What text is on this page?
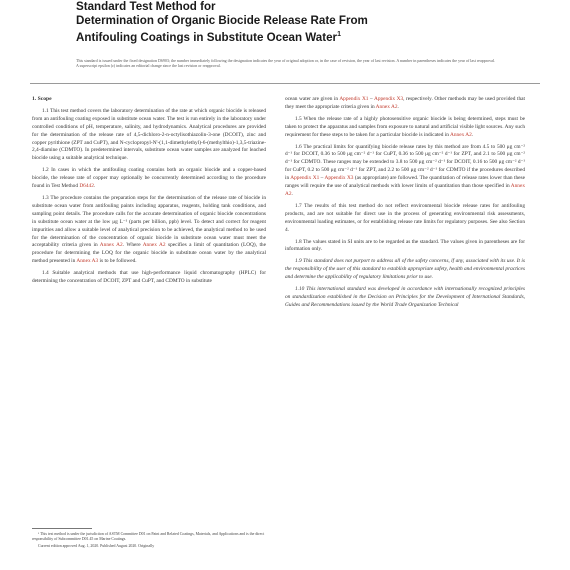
Standard Test Method for
Determination of Organic Biocide Release Rate From
Antifouling Coatings in Substitute Ocean Water$^1$
This standard is issued under the fixed designation D6903; the number immediately following the designation indicates the year of original adoption or, in the case of revision, the year of last revision. A number in parentheses indicates the year of last reapproval. A superscript epsilon (ε) indicates an editorial change since the last revision or reapproval.
1. Scope

1.1 This test method covers the laboratory determination of the rate at which organic biocide is released from an antifouling coating exposed in substitute ocean water. The test is run entirely in the laboratory under controlled conditions of pH, temperature, salinity, and hydrodynamics. Analytical procedures are provided for the determination of the release rate of 4,5-dichloro-2-n-octylisothiazolin-3-one (DCOIT), zinc and copper pyrithione (ZPT and CuPT), and N-cyclopropyl-N'-(1,1-dimethylethyl)-6-(methylthio)-1,3,5-triazine-2,4-diamine (CDMTO). In predetermined intervals, substitute ocean water samples are analyzed for leached biocide using a suitable analytical technique.

1.2 In cases in which the antifouling coating contains both an organic biocide and a copper-based biocide, the release rate of copper may optionally be concurrently determined according to the procedure found in Test Method D6442.

1.3 The procedure contains the preparation steps for the determination of the release rate of biocide in substitute ocean water from antifouling paints including apparatus, reagents, holding tank conditions, and sampling point details. The procedure calls for the accurate determination of organic biocide concentrations in substitute ocean water at the low μg L⁻¹ (parts per billion, ppb) level. To detect and correct for reagent impurities and allow a suitable level of analytical precision to be achieved, the analytical method to be used for the determination of the concentration of organic biocide in substitute ocean water must meet the acceptability criteria given in Annex A2. Where Annex A2 specifies a limit of quantitation (LOQ), the procedure for determining the LOQ for the organic biocide in substitute ocean water by the analytical method presented in Annex A3 is to be followed.

1.4 Suitable analytical methods that use high-performance liquid chromatography (HPLC) for determining the concentration of DCOIT, ZPT and CuPT, and CDMTO in substitute

ocean water are given in Appendix X1 – Appendix X3, respectively. Other methods may be used provided that they meet the appropriate criteria given in Annex A2.

1.5 When the release rate of a highly photosensitive organic biocide is being determined, steps must be taken to protect the apparatus and samples from exposure to natural and artificial visible light sources. Any such requirement for these steps to be taken for a particular biocide is indicated in Annex A2.

1.6 The practical limits for quantifying biocide release rates by this method are from 4.5 to 500 μg cm⁻² d⁻¹ for DCOIT, 0.36 to 500 μg cm⁻² d⁻¹ for CuPT, 0.36 to 500 μg cm⁻² d⁻¹ for ZPT, and 2.1 to 500 μg cm⁻² d⁻¹ for CDMTO. These ranges may be extended to 3.8 to 500 μg cm⁻² d⁻¹ for DCOIT, 0.16 to 500 μg cm⁻² d⁻¹ for CuPT, 0.2 to 500 μg cm⁻² d⁻¹ for ZPT, and 2.2 to 500 μg cm⁻² d⁻¹ for CDMTO if the procedures described in Appendix X1 – Appendix X3 (as appropriate) are followed. The quantitation of release rates lower than these ranges will require the use of analytical methods with lower limits of quantitation than those specified in Annex A2.

1.7 The results of this test method do not reflect environmental biocide release rates for antifouling products, and are not suitable for direct use in the process of generating environmental risk assessments, environmental loading estimates, or for establishing release rate limits for regulatory purposes. See also Section 4.

1.8 The values stated in SI units are to be regarded as the standard. The values given in parentheses are for information only.

1.9 This standard does not purport to address all of the safety concerns, if any, associated with its use. It is the responsibility of the user of this standard to establish appropriate safety, health and environmental practices and determine the applicability of regulatory limitations prior to use.

1.10 This international standard was developed in accordance with internationally recognized principles on standardization established in the Decision on Principles for the Development of International Standards, Guides and Recommendations issued by the World Trade Organization Technical

¹ This test method is under the jurisdiction of ASTM Committee D01 on Paint and Related Coatings, Materials, and Applications and is the direct responsibility of Subcommittee D01.45 on Marine Coatings.

Current edition approved Aug. 1, 2020. Published August 2020. Originally
